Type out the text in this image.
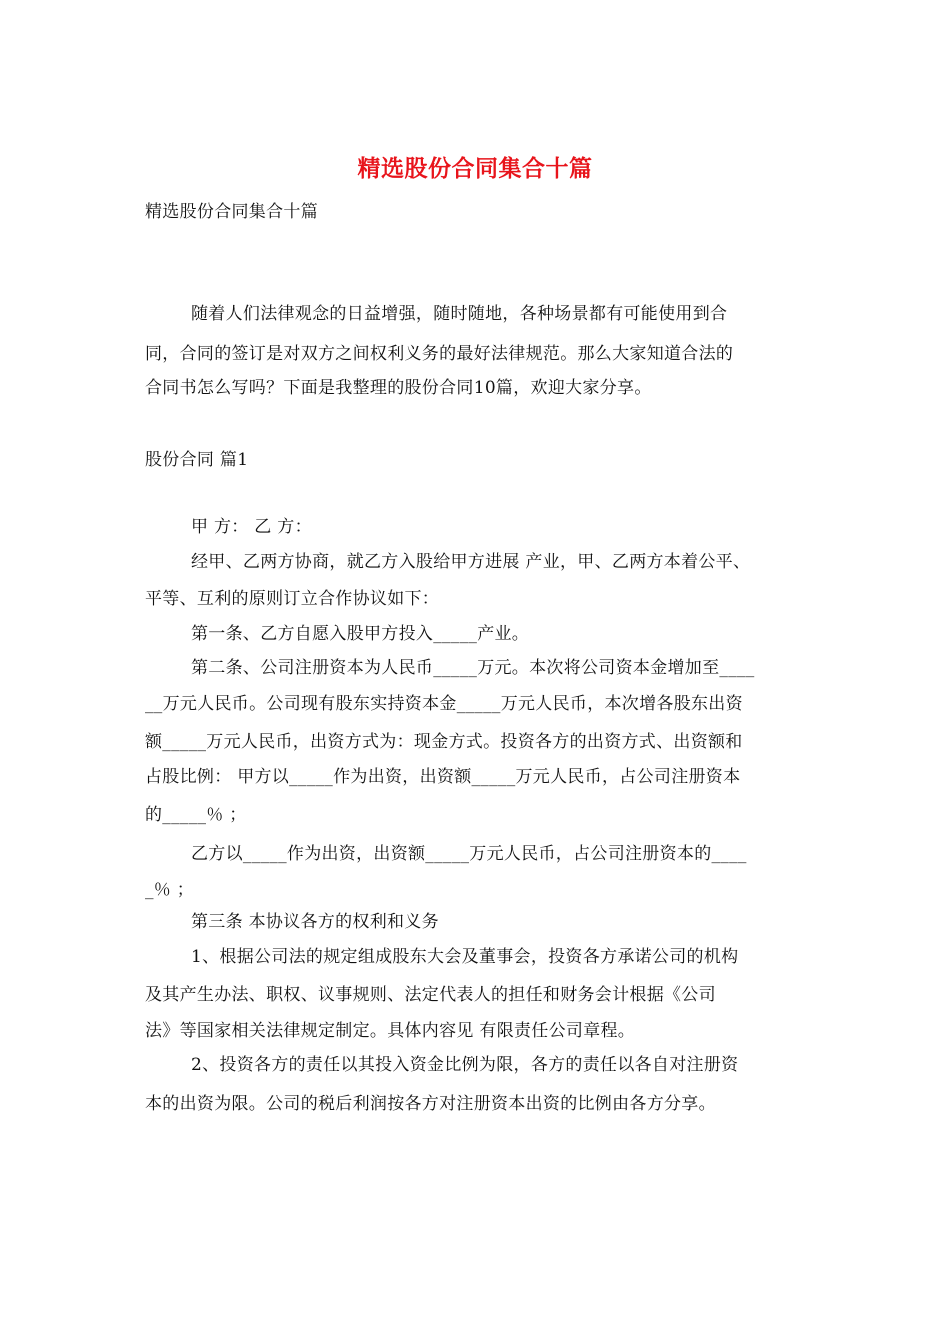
精选股份合同集合十篇
精选股份合同集合十篇
随着人们法律观念的日益增强，随时随地，各种场景都有可能使用到合
同，合同的签订是对双方之间权利义务的最好法律规范。那么大家知道合法的
合同书怎么写吗？下面是我整理的股份合同10篇，欢迎大家分享。
股份合同 篇1
甲 方： 乙 方：
经甲、乙两方协商，就乙方入股给甲方进展 产业，甲、乙两方本着公平、
平等、互利的原则订立合作协议如下：
第一条、乙方自愿入股甲方投入_____产业。
第二条、公司注册资本为人民币_____万元。本次将公司资本金增加至____
__万元人民币。公司现有股东实持资本金_____万元人民币，本次增各股东出资
额_____万元人民币，出资方式为：现金方式。投资各方的出资方式、出资额和
占股比例： 甲方以_____作为出资，出资额_____万元人民币，占公司注册资本
的_____％ ；
乙方以_____作为出资，出资额_____万元人民币，占公司注册资本的____
_％ ；
第三条 本协议各方的权利和义务
1、根据公司法的规定组成股东大会及董事会，投资各方承诺公司的机构
及其产生办法、职权、议事规则、法定代表人的担任和财务会计根据《公司
法》等国家相关法律规定制定。具体内容见 有限责任公司章程。
2、投资各方的责任以其投入资金比例为限，各方的责任以各自对注册资
本的出资为限。公司的税后利润按各方对注册资本出资的比例由各方分享。
